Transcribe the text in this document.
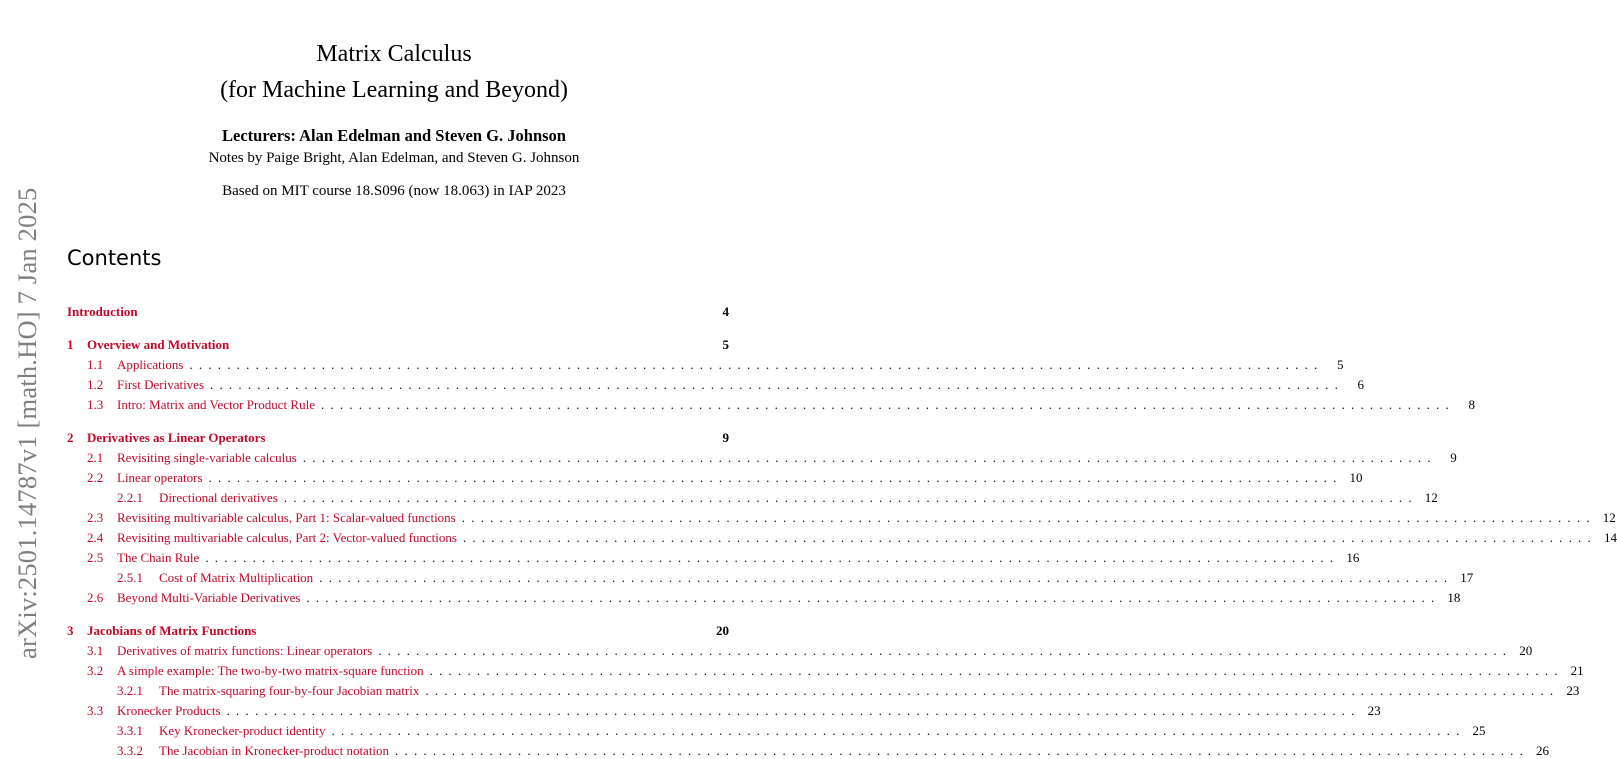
arXiv:2501.14787v1 [math.HO] 7 Jan 2025
Matrix Calculus
(for Machine Learning and Beyond)
Lecturers: Alan Edelman and Steven G. Johnson
Notes by Paige Bright, Alan Edelman, and Steven G. Johnson
Based on MIT course 18.S096 (now 18.063) in IAP 2023
Contents
Introduction	4
1	Overview and Motivation	5
1.1	Applications ........................................................................................................................	5
1.2	First Derivatives ........................................................................................................................	6
1.3	Intro: Matrix and Vector Product Rule ........................................................................................................................	8
2	Derivatives as Linear Operators	9
2.1	Revisiting single-variable calculus ........................................................................................................................	9
2.2	Linear operators ........................................................................................................................ 10
2.2.1	Directional derivatives ........................................................................................................................ 12
2.3	Revisiting multivariable calculus, Part 1: Scalar-valued functions ........................................................................................................................ 12
2.4	Revisiting multivariable calculus, Part 2: Vector-valued functions ........................................................................................................................ 14
2.5	The Chain Rule ........................................................................................................................ 16
2.5.1	Cost of Matrix Multiplication ........................................................................................................................ 17
2.6	Beyond Multi-Variable Derivatives ........................................................................................................................ 18
3	Jacobians of Matrix Functions	20
3.1	Derivatives of matrix functions: Linear operators ........................................................................................................................ 20
3.2	A simple example: The two-by-two matrix-square function ........................................................................................................................ 21
3.2.1	The matrix-squaring four-by-four Jacobian matrix ........................................................................................................................ 23
3.3	Kronecker Products ........................................................................................................................ 23
3.3.1	Key Kronecker-product identity ........................................................................................................................ 25
3.3.2	The Jacobian in Kronecker-product notation ........................................................................................................................ 26
